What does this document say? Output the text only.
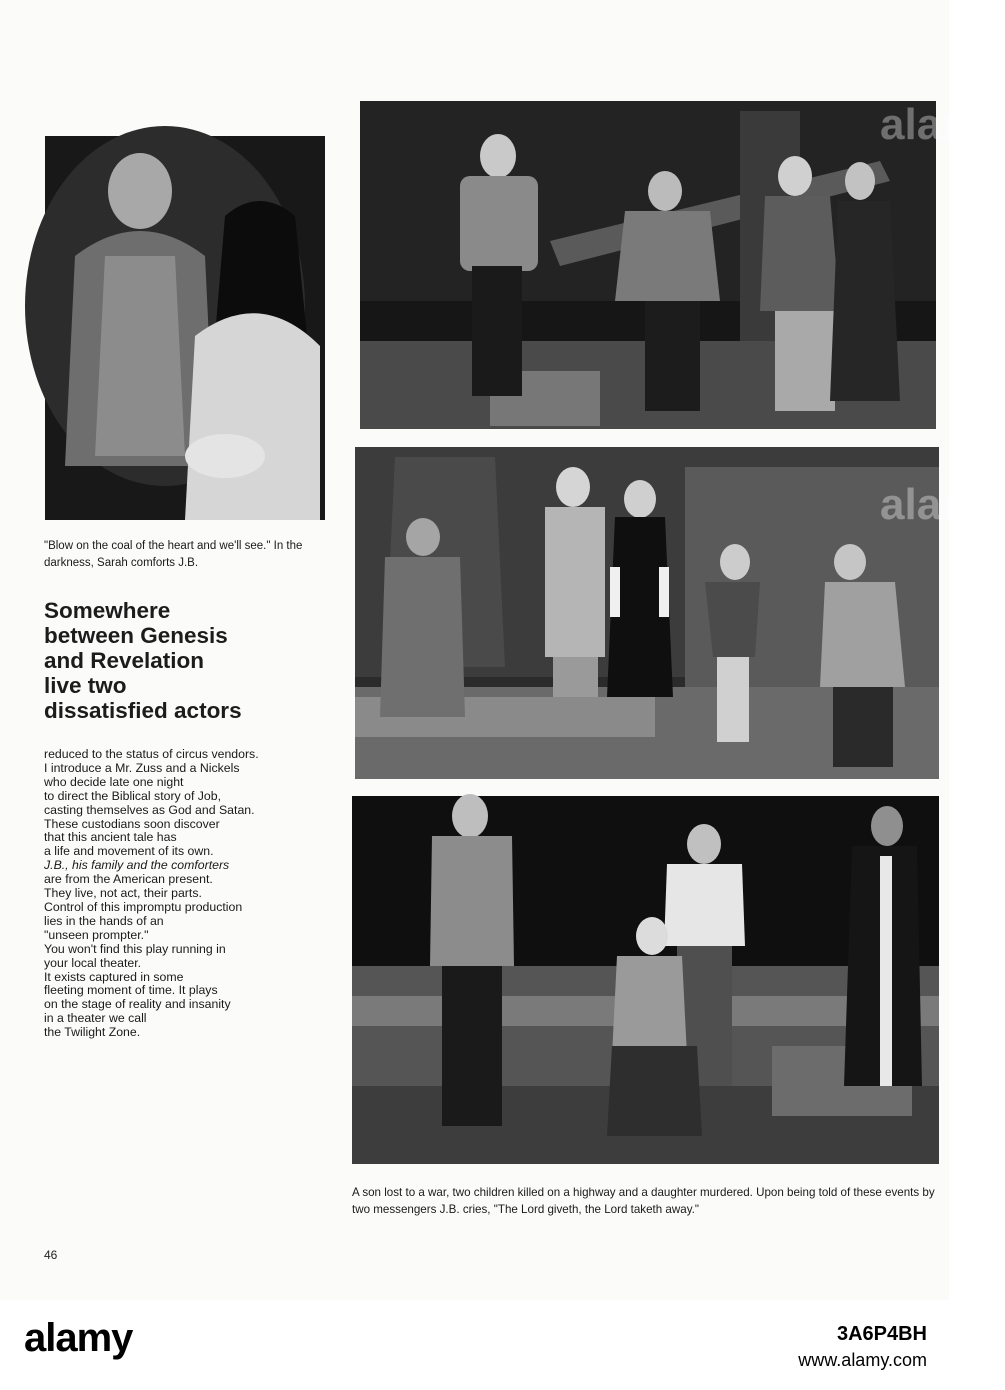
"Blow on the coal of the heart and we'll see." In the darkness, Sarah comforts J.B.
Somewhere
between Genesis
and Revelation
live two
dissatisfied actors
reduced to the status of circus vendors.
I introduce a Mr. Zuss and a Nickels
who decide late one night
to direct the Biblical story of Job,
casting themselves as God and Satan.
These custodians soon discover
that this ancient tale has
a life and movement of its own.
J.B., his family and the comforters
are from the American present.
They live, not act, their parts.
Control of this impromptu production
lies in the hands of an
"unseen prompter."
You won't find this play running in
your local theater.
It exists captured in some
fleeting moment of time. It plays
on the stage of reality and insanity
in a theater we call
the Twilight Zone.
A son lost to a war, two children killed on a highway and a daughter murdered. Upon being told of these events by two messengers J.B. cries, "The Lord giveth, the Lord taketh away."
46
alamy
alamy
alamy	3A6P4BH
www.alamy.com
